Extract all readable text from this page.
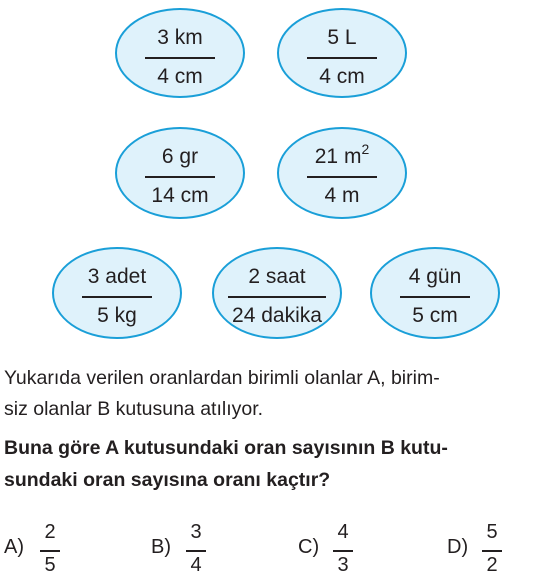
3 km
4 cm
5 L
4 cm
6 gr
14 cm
21 $m^2$
4 m
3 adet
5 kg
2 saat
24 dakika
4 gün
5 cm
Yukarıda verilen oranlardan birimli olanlar A, birim-
siz olanlar B kutusuna atılıyor.
Buna göre A kutusundaki oran sayısının B kutu-
sundaki oran sayısına oranı kaçtır?
A)
2
5
B)
3
4
C)
4
3
D)
5
2
